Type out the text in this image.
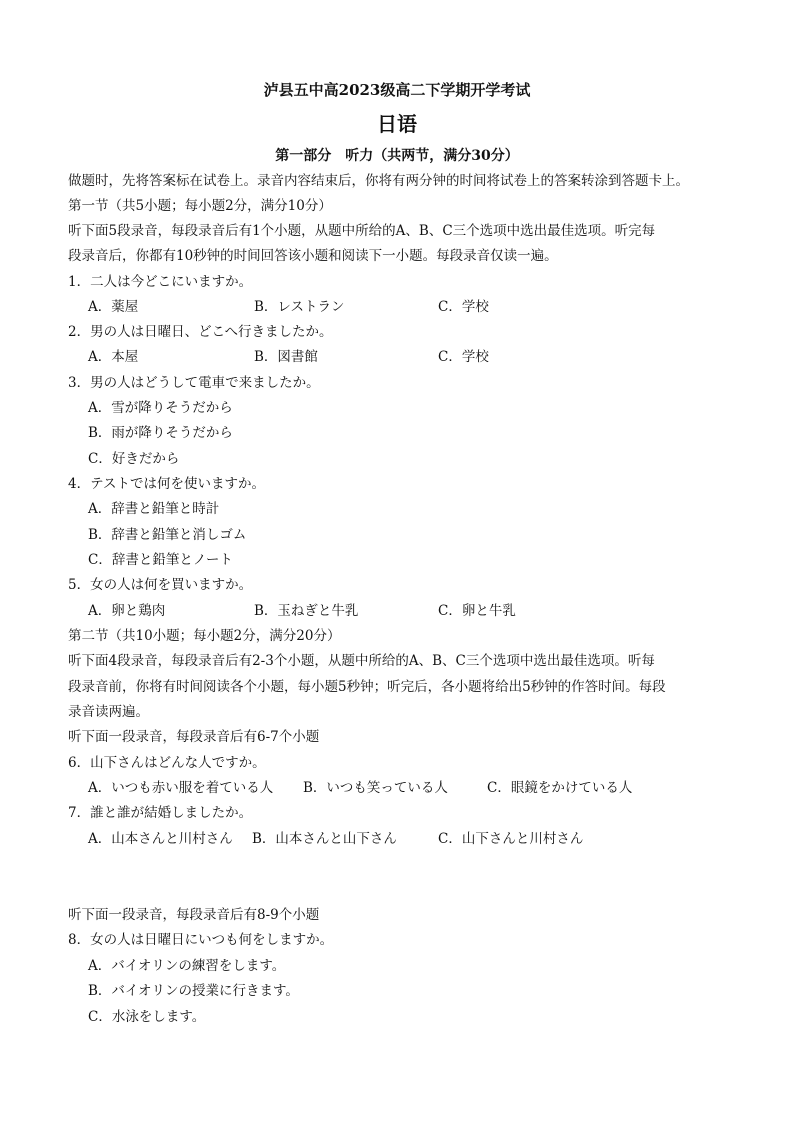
泸县五中高2023级高二下学期开学考试
日语
第一部分　听力（共两节，满分30分）
做题时，先将答案标在试卷上。录音内容结束后，你将有两分钟的时间将试卷上的答案转涂到答题卡上。
第一节（共5小题；每小题2分，满分10分）
听下面5段录音，每段录音后有1个小题，从题中所给的A、B、C三个选项中选出最佳选项。听完每
段录音后，你都有10秒钟的时间回答该小题和阅读下一小题。每段录音仅读一遍。
1．二人は今どこにいますか。
A．薬屋	B．レストラン	C．学校
2．男の人は日曜日、どこへ行きましたか。
A．本屋	B．図書館	C．学校
3．男の人はどうして電車で来ましたか。
A．雪が降りそうだから
B．雨が降りそうだから
C．好きだから
4．テストでは何を使いますか。
A．辞書と鉛筆と時計
B．辞書と鉛筆と消しゴム
C．辞書と鉛筆とノート
5．女の人は何を買いますか。
A．卵と鶏肉	B．玉ねぎと牛乳	C．卵と牛乳
第二节（共10小题；每小题2分，满分20分）
听下面4段录音，每段录音后有2-3个小题，从题中所给的A、B、C三个选项中选出最佳选项。听每
段录音前，你将有时间阅读各个小题，每小题5秒钟；听完后，各小题将给出5秒钟的作答时间。每段
录音读两遍。
听下面一段录音，每段录音后有6-7个小题
6．山下さんはどんな人ですか。
A．いつも赤い服を着ている人 B．いつも笑っている人	C．眼鏡をかけている人
7．誰と誰が結婚しましたか。
A．山本さんと川村さん B．山本さんと山下さん	C．山下さんと川村さん
听下面一段录音，每段录音后有8-9个小题
8．女の人は日曜日にいつも何をしますか。
A．バイオリンの練習をします。
B．バイオリンの授業に行きます。
C．水泳をします。
